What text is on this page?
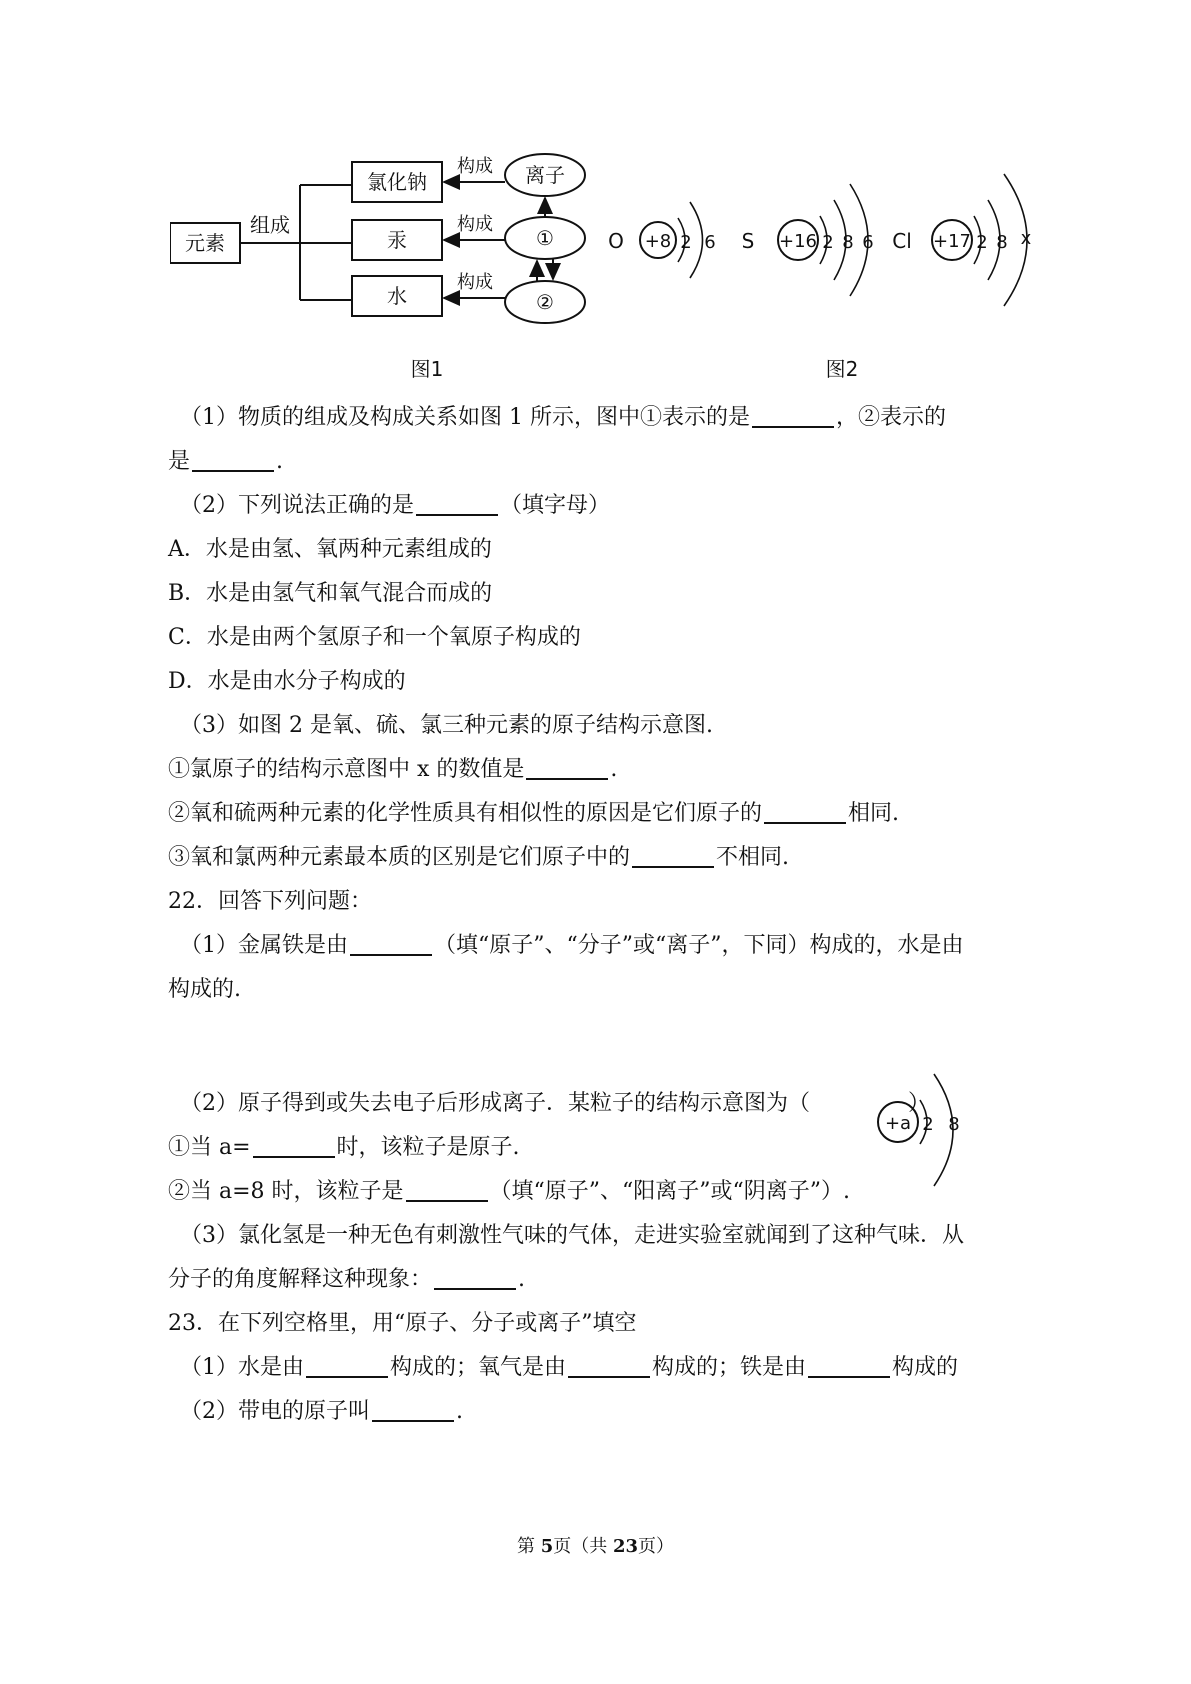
元素
组成
氯化钠
汞
水
离子
①
②
构成
构成
构成
图1
O +8 2 6 S +16 2 8 6 Cl +17 2 8 x
图2
（1）物质的组成及构成关系如图 1 所示，图中①表示的是	，②表示的
是	.
（2）下列说法正确的是	（填字母）
A．水是由氢、氧两种元素组成的
B．水是由氢气和氧气混合而成的
C．水是由两个氢原子和一个氧原子构成的
D．水是由水分子构成的
（3）如图 2 是氧、硫、氯三种元素的原子结构示意图.
①氯原子的结构示意图中 x 的数值是	.
②氧和硫两种元素的化学性质具有相似性的原因是它们原子的	相同.
③氧和氯两种元素最本质的区别是它们原子中的	不相同.
22．回答下列问题：
（1）金属铁是由	（填“原子”、“分子”或“离子”，下同）构成的，水是由
构成的.
+a 2 8
（2）原子得到或失去电子后形成离子．某粒子的结构示意图为（	）
①当 a=	时，该粒子是原子.
②当 a=8 时，该粒子是	（填“原子”、“阳离子”或“阴离子”）.
（3）氯化氢是一种无色有刺激性气味的气体，走进实验室就闻到了这种气味．从
分子的角度解释这种现象：	.
23．在下列空格里，用“原子、分子或离子”填空
（1）水是由	构成的；氧气是由	构成的；铁是由	构成的
（2）带电的原子叫	.
第 5页（共 23页）
